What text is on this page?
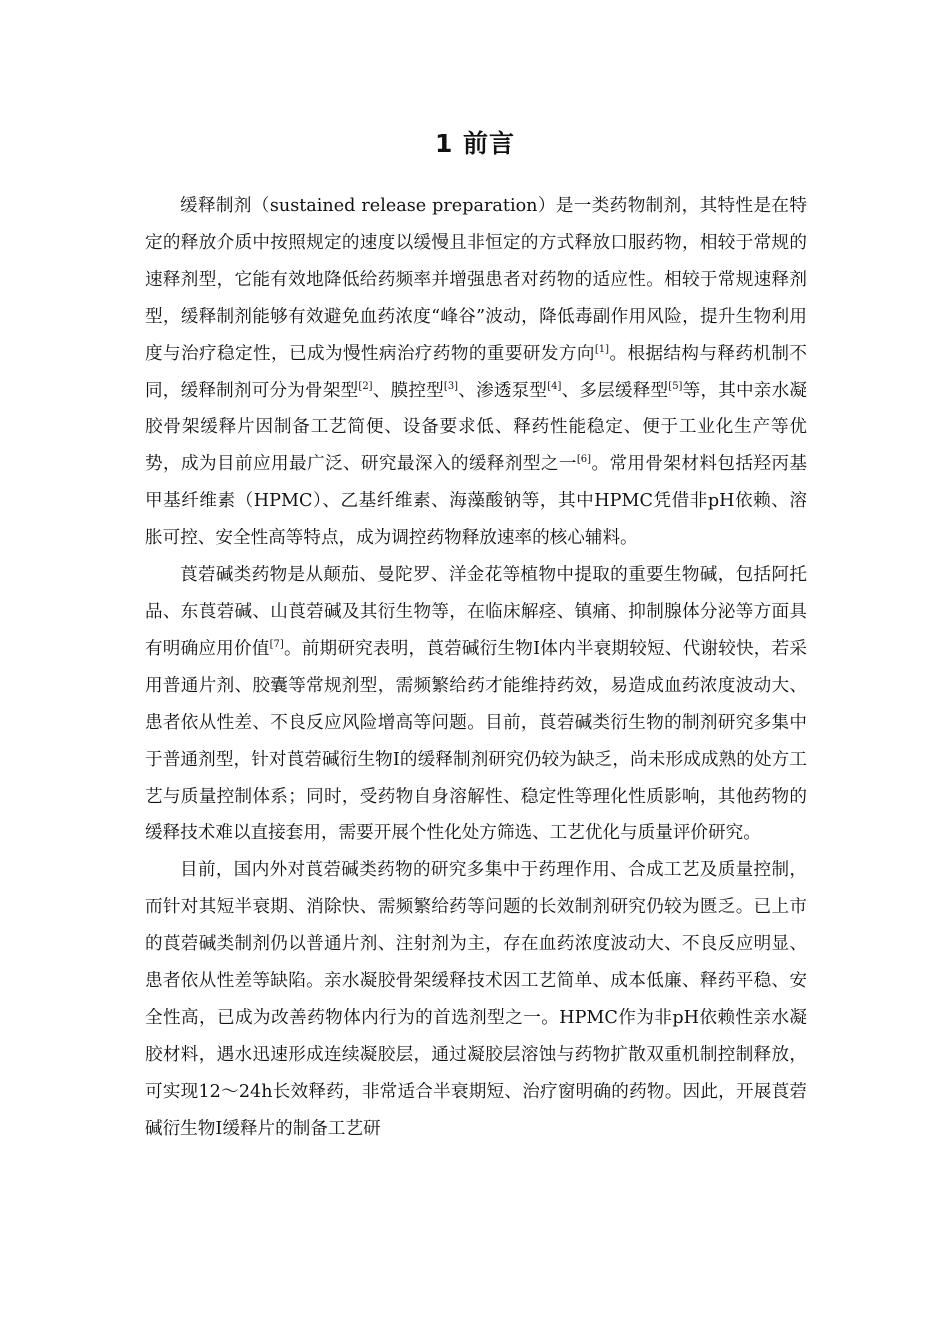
1 前言

缓释制剂（sustained release preparation）是一类药物制剂，其特性是在特定的释放介质中按照规定的速度以缓慢且非恒定的方式释放口服药物，相较于常规的速释剂型，它能有效地降低给药频率并增强患者对药物的适应性。相较于常规速释剂型，缓释制剂能够有效避免血药浓度“峰谷”波动，降低毒副作用风险，提升生物利用度与治疗稳定性，已成为慢性病治疗药物的重要研发方向[1]。根据结构与释药机制不同，缓释制剂可分为骨架型[2]、膜控型[3]、渗透泵型[4]、多层缓释型[5]等，其中亲水凝胶骨架缓释片因制备工艺简便、设备要求低、释药性能稳定、便于工业化生产等优势，成为目前应用最广泛、研究最深入的缓释剂型之一[6]。常用骨架材料包括羟丙基甲基纤维素（HPMC）、乙基纤维素、海藻酸钠等，其中HPMC凭借非pH依赖、溶胀可控、安全性高等特点，成为调控药物释放速率的核心辅料。

莨菪碱类药物是从颠茄、曼陀罗、洋金花等植物中提取的重要生物碱，包括阿托品、东莨菪碱、山莨菪碱及其衍生物等，在临床解痉、镇痛、抑制腺体分泌等方面具有明确应用价值[7]。前期研究表明，莨菪碱衍生物Ⅰ体内半衰期较短、代谢较快，若采用普通片剂、胶囊等常规剂型，需频繁给药才能维持药效，易造成血药浓度波动大、患者依从性差、不良反应风险增高等问题。目前，莨菪碱类衍生物的制剂研究多集中于普通剂型，针对莨菪碱衍生物Ⅰ的缓释制剂研究仍较为缺乏，尚未形成成熟的处方工艺与质量控制体系；同时，受药物自身溶解性、稳定性等理化性质影响，其他药物的缓释技术难以直接套用，需要开展个性化处方筛选、工艺优化与质量评价研究。

目前，国内外对莨菪碱类药物的研究多集中于药理作用、合成工艺及质量控制，而针对其短半衰期、消除快、需频繁给药等问题的长效制剂研究仍较为匮乏。已上市的莨菪碱类制剂仍以普通片剂、注射剂为主，存在血药浓度波动大、不良反应明显、患者依从性差等缺陷。亲水凝胶骨架缓释技术因工艺简单、成本低廉、释药平稳、安全性高，已成为改善药物体内行为的首选剂型之一。HPMC作为非pH依赖性亲水凝胶材料，遇水迅速形成连续凝胶层，通过凝胶层溶蚀与药物扩散双重机制控制释放，可实现12～24h长效释药，非常适合半衰期短、治疗窗明确的药物。因此，开展莨菪碱衍生物Ⅰ缓释片的制备工艺研
